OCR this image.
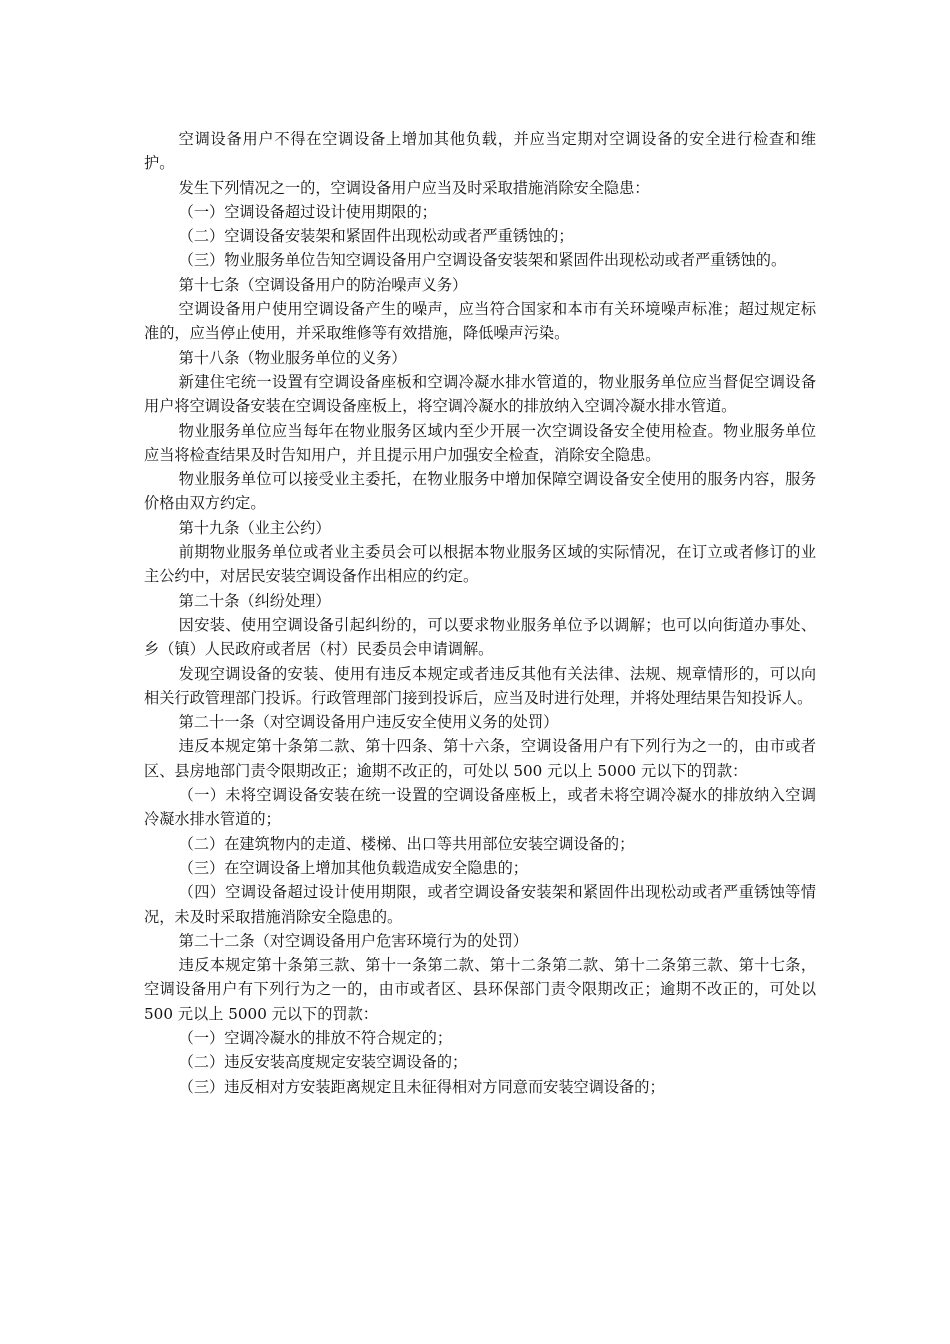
空调设备用户不得在空调设备上增加其他负载，并应当定期对空调设备的安全进行检查和维护。

发生下列情况之一的，空调设备用户应当及时采取措施消除安全隐患：

（一）空调设备超过设计使用期限的；

（二）空调设备安装架和紧固件出现松动或者严重锈蚀的；

（三）物业服务单位告知空调设备用户空调设备安装架和紧固件出现松动或者严重锈蚀的。

第十七条（空调设备用户的防治噪声义务）

空调设备用户使用空调设备产生的噪声，应当符合国家和本市有关环境噪声标准；超过规定标准的，应当停止使用，并采取维修等有效措施，降低噪声污染。

第十八条（物业服务单位的义务）

新建住宅统一设置有空调设备座板和空调冷凝水排水管道的，物业服务单位应当督促空调设备用户将空调设备安装在空调设备座板上，将空调冷凝水的排放纳入空调冷凝水排水管道。

物业服务单位应当每年在物业服务区域内至少开展一次空调设备安全使用检查。物业服务单位应当将检查结果及时告知用户，并且提示用户加强安全检查，消除安全隐患。

物业服务单位可以接受业主委托，在物业服务中增加保障空调设备安全使用的服务内容，服务价格由双方约定。

第十九条（业主公约）

前期物业服务单位或者业主委员会可以根据本物业服务区域的实际情况，在订立或者修订的业主公约中，对居民安装空调设备作出相应的约定。

第二十条（纠纷处理）

因安装、使用空调设备引起纠纷的，可以要求物业服务单位予以调解；也可以向街道办事处、乡（镇）人民政府或者居（村）民委员会申请调解。

发现空调设备的安装、使用有违反本规定或者违反其他有关法律、法规、规章情形的，可以向相关行政管理部门投诉。行政管理部门接到投诉后，应当及时进行处理，并将处理结果告知投诉人。

第二十一条（对空调设备用户违反安全使用义务的处罚）

违反本规定第十条第二款、第十四条、第十六条，空调设备用户有下列行为之一的，由市或者区、县房地部门责令限期改正；逾期不改正的，可处以 500 元以上 5000 元以下的罚款：

（一）未将空调设备安装在统一设置的空调设备座板上，或者未将空调冷凝水的排放纳入空调冷凝水排水管道的；

（二）在建筑物内的走道、楼梯、出口等共用部位安装空调设备的；

（三）在空调设备上增加其他负载造成安全隐患的；

（四）空调设备超过设计使用期限，或者空调设备安装架和紧固件出现松动或者严重锈蚀等情况，未及时采取措施消除安全隐患的。

第二十二条（对空调设备用户危害环境行为的处罚）

违反本规定第十条第三款、第十一条第二款、第十二条第二款、第十二条第三款、第十七条，空调设备用户有下列行为之一的，由市或者区、县环保部门责令限期改正；逾期不改正的，可处以 500 元以上 5000 元以下的罚款：

（一）空调冷凝水的排放不符合规定的；

（二）违反安装高度规定安装空调设备的；

（三）违反相对方安装距离规定且未征得相对方同意而安装空调设备的；
